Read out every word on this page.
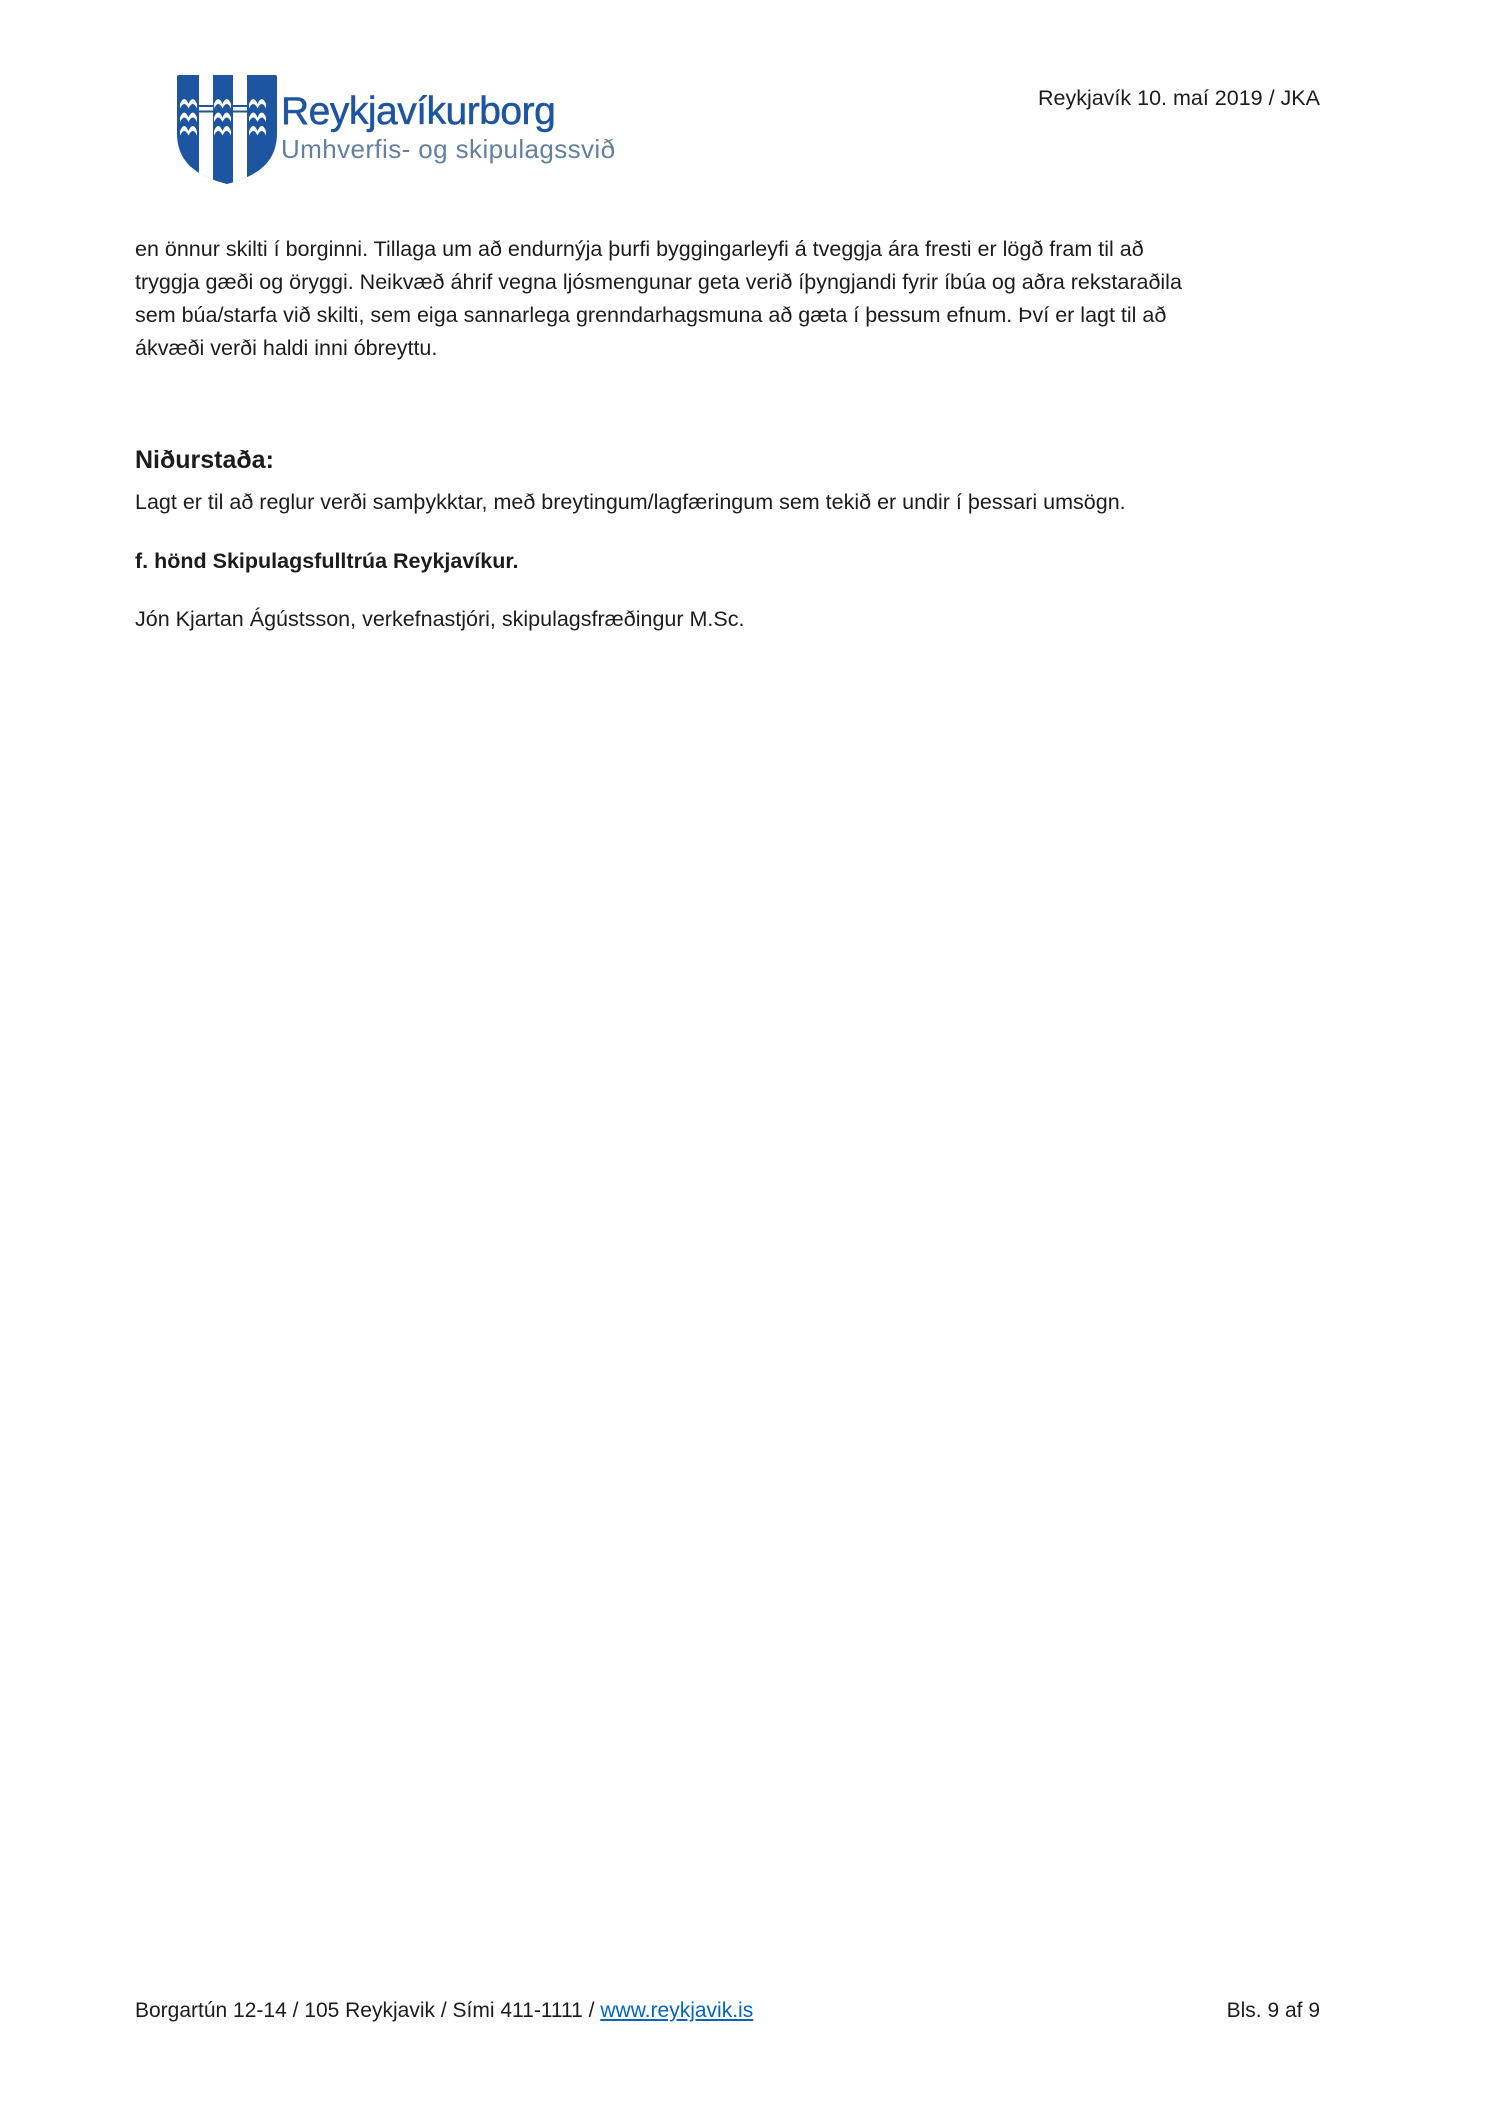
Reykjavíkurborg
Umhverfis- og skipulagssvið
Reykjavík 10. maí 2019 / JKA
en önnur skilti í borginni. Tillaga um að endurnýja þurfi byggingarleyfi á tveggja ára fresti er lögð fram til að
tryggja gæði og öryggi. Neikvæð áhrif vegna ljósmengunar geta verið íþyngjandi fyrir íbúa og aðra rekstaraðila
sem búa/starfa við skilti, sem eiga sannarlega grenndarhagsmuna að gæta í þessum efnum. Því er lagt til að
ákvæði verði haldi inni óbreyttu.
Niðurstaða:
Lagt er til að reglur verði samþykktar, með breytingum/lagfæringum sem tekið er undir í þessari umsögn.
f. hönd Skipulagsfulltrúa Reykjavíkur.
Jón Kjartan Ágústsson, verkefnastjóri, skipulagsfræðingur M.Sc.
Borgartún 12-14 / 105 Reykjavik / Sími 411-1111 / www.reykjavik.is	Bls. 9 af 9
